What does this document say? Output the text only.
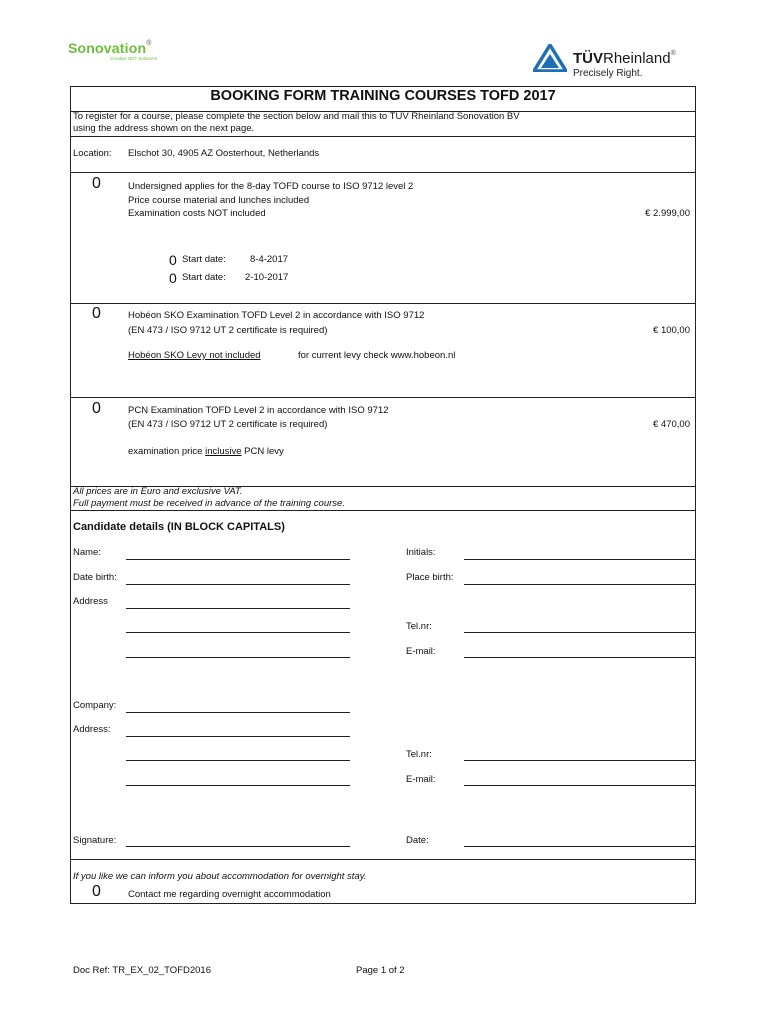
Sonovation®
Creative NDT Solutions	TÜVRheinland®
Precisely Right.
BOOKING FORM TRAINING COURSES TOFD 2017
To register for a course, please complete the section below and mail this to TUV Rheinland Sonovation BV
using the address shown on the next page.
Location: Elschot 30, 4905 AZ Oosterhout, Netherlands
0	Undersigned applies for the 8-day TOFD course to ISO 9712 level 2
Price course material and lunches included
Examination costs NOT included	€ 2.999,00
0 Start date:	8-4-2017
0 Start date: 2-10-2017
0	Hobéon SKO Examination TOFD Level 2 in accordance with ISO 9712
(EN 473 / ISO 9712 UT 2 certificate is required)	€ 100,00
Hobéon SKO Levy not included	for current levy check www.hobeon.nl
0	PCN Examination TOFD Level 2 in accordance with ISO 9712
(EN 473 / ISO 9712 UT 2 certificate is required)	€ 470,00
examination price inclusive PCN levy
All prices are in Euro and exclusive VAT.
Full payment must be received in advance of the training course.
Candidate details (IN BLOCK CAPITALS)
Name:	Initials:
Date birth:	Place birth:
Address
Tel.nr:
E-mail:
Company:
Address:
Tel.nr:
E-mail:
Signature:	Date:
If you like we can inform you about accommodation for overnight stay.
0	Contact me regarding overnight accommodation
Doc Ref: TR_EX_02_TOFD2016	Page 1 of 2
